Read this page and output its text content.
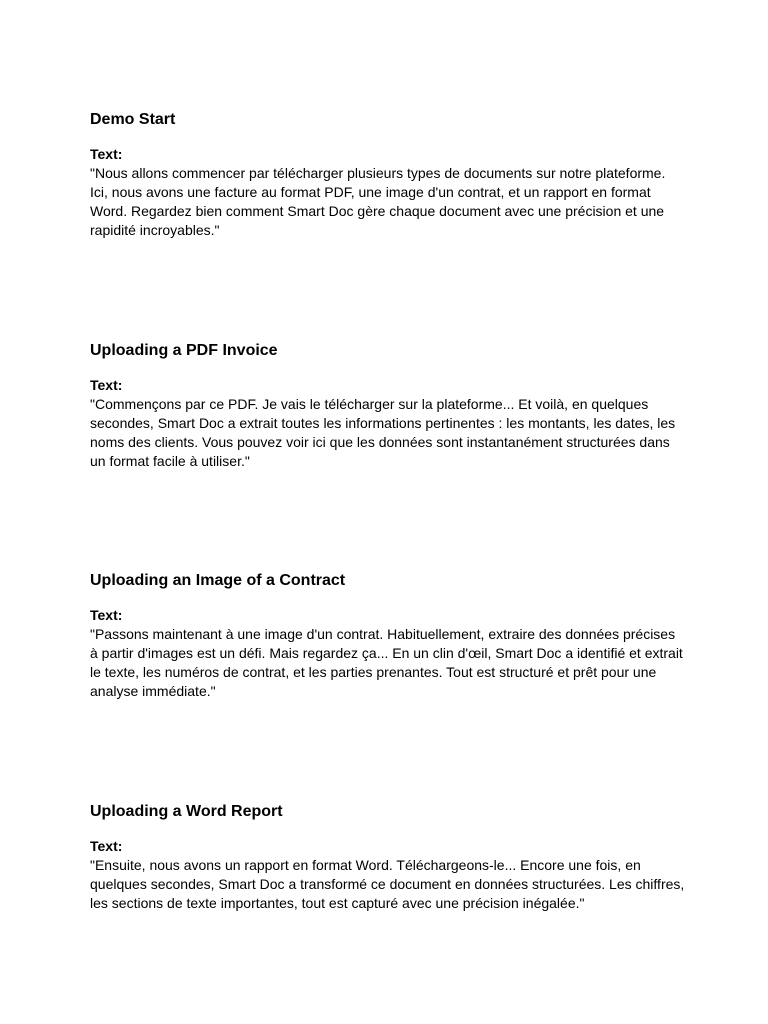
Demo Start
Text:

"Nous allons commencer par télécharger plusieurs types de documents sur notre plateforme.
Ici, nous avons une facture au format PDF, une image d'un contrat, et un rapport en format
Word. Regardez bien comment Smart Doc gère chaque document avec une précision et une
rapidité incroyables."

Uploading a PDF Invoice
Text:

"Commençons par ce PDF. Je vais le télécharger sur la plateforme... Et voilà, en quelques
secondes, Smart Doc a extrait toutes les informations pertinentes : les montants, les dates, les
noms des clients. Vous pouvez voir ici que les données sont instantanément structurées dans
un format facile à utiliser."

Uploading an Image of a Contract
Text:

"Passons maintenant à une image d'un contrat. Habituellement, extraire des données précises
à partir d'images est un défi. Mais regardez ça... En un clin d'œil, Smart Doc a identifié et extrait
le texte, les numéros de contrat, et les parties prenantes. Tout est structuré et prêt pour une
analyse immédiate."

Uploading a Word Report
Text:

"Ensuite, nous avons un rapport en format Word. Téléchargeons-le... Encore une fois, en
quelques secondes, Smart Doc a transformé ce document en données structurées. Les chiffres,
les sections de texte importantes, tout est capturé avec une précision inégalée."
